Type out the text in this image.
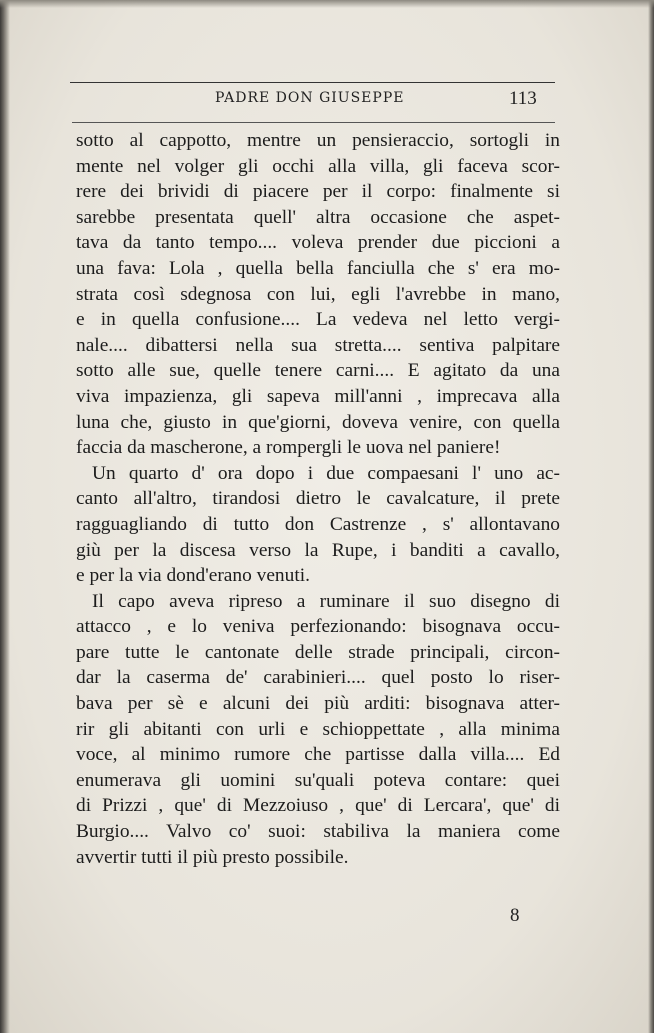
PADRE DON GIUSEPPE	113
sotto al cappotto, mentre un pensieraccio, sortogli in
mente nel volger gli occhi alla villa, gli faceva scor-
rere dei brividi di piacere per il corpo: finalmente si
sarebbe presentata quell' altra occasione che aspet-
tava da tanto tempo.... voleva prender due piccioni a
una fava: Lola , quella bella fanciulla che s' era mo-
strata così sdegnosa con lui, egli l'avrebbe in mano,
e in quella confusione.... La vedeva nel letto vergi-
nale.... dibattersi nella sua stretta.... sentiva palpitare
sotto alle sue, quelle tenere carni.... E agitato da una
viva impazienza, gli sapeva mill'anni , imprecava alla
luna che, giusto in que'giorni, doveva venire, con quella
faccia da mascherone, a rompergli le uova nel paniere!
Un quarto d' ora dopo i due compaesani l' uno ac-
canto all'altro, tirandosi dietro le cavalcature, il prete
ragguagliando di tutto don Castrenze , s' allontavano
giù per la discesa verso la Rupe, i banditi a cavallo,
e per la via dond'erano venuti.
Il capo aveva ripreso a ruminare il suo disegno di
attacco , e lo veniva perfezionando: bisognava occu-
pare tutte le cantonate delle strade principali, circon-
dar la caserma de' carabinieri.... quel posto lo riser-
bava per sè e alcuni dei più arditi: bisognava atter-
rir gli abitanti con urli e schioppettate , alla minima
voce, al minimo rumore che partisse dalla villa.... Ed
enumerava gli uomini su'quali poteva contare: quei
di Prizzi , que' di Mezzoiuso , que' di Lercara', que' di
Burgio.... Valvo co' suoi: stabiliva la maniera come
avvertir tutti il più presto possibile.
8
